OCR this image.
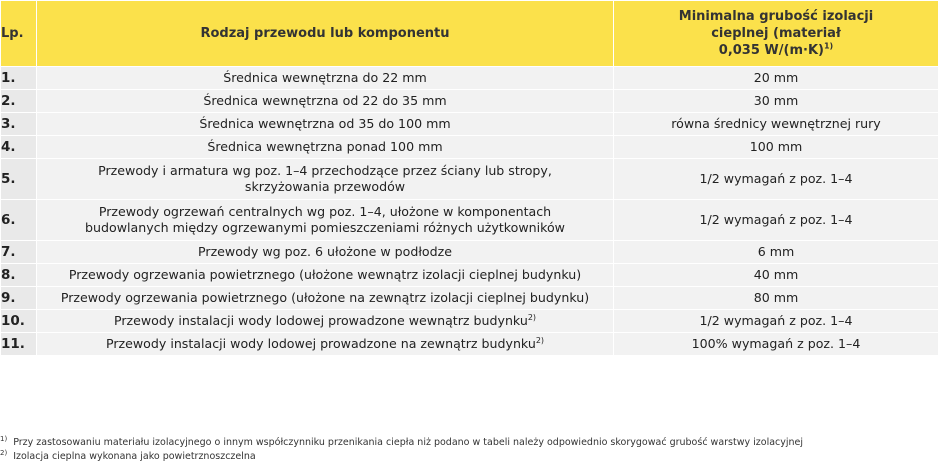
Lp.	Rodzaj przewodu lub komponentu	Minimalna grubość izolacji
cieplnej (materiał
0,035 $W/(m\cdot K)^{1)}$

1.	Średnica wewnętrzna do 22 mm	20 mm
2.	Średnica wewnętrzna od 22 do 35 mm	30 mm
3.	Średnica wewnętrzna od 35 do 100 mm	równa średnicy wewnętrznej rury
4.	Średnica wewnętrzna ponad 100 mm	100 mm
5.	Przewody i armatura wg poz. 1–4 przechodzące przez ściany lub stropy,
skrzyżowania przewodów	1/2 wymagań z poz. 1–4
6.	Przewody ogrzewań centralnych wg poz. 1–4, ułożone w komponentach
budowlanych między ogrzewanymi pomieszczeniami różnych użytkowników	1/2 wymagań z poz. 1–4
7.	Przewody wg poz. 6 ułożone w podłodze	6 mm
8.	Przewody ogrzewania powietrznego (ułożone wewnątrz izolacji cieplnej budynku)	40 mm
9.	Przewody ogrzewania powietrznego (ułożone na zewnątrz izolacji cieplnej budynku)	80 mm
10.	Przewody instalacji wody lodowej prowadzone wewnątrz budynku$^{2)}$	1/2 wymagań z poz. 1–4
11.	Przewody instalacji wody lodowej prowadzone na zewnątrz budynku$^{2)}$	100% wymagań z poz. 1–4
$^{1)}$ Przy zastosowaniu materiału izolacyjnego o innym współczynniku przenikania ciepła niż podano w tabeli należy odpowiednio skorygować grubość warstwy izolacyjnej
$^{2)}$ Izolacja cieplna wykonana jako powietrznoszczelna
